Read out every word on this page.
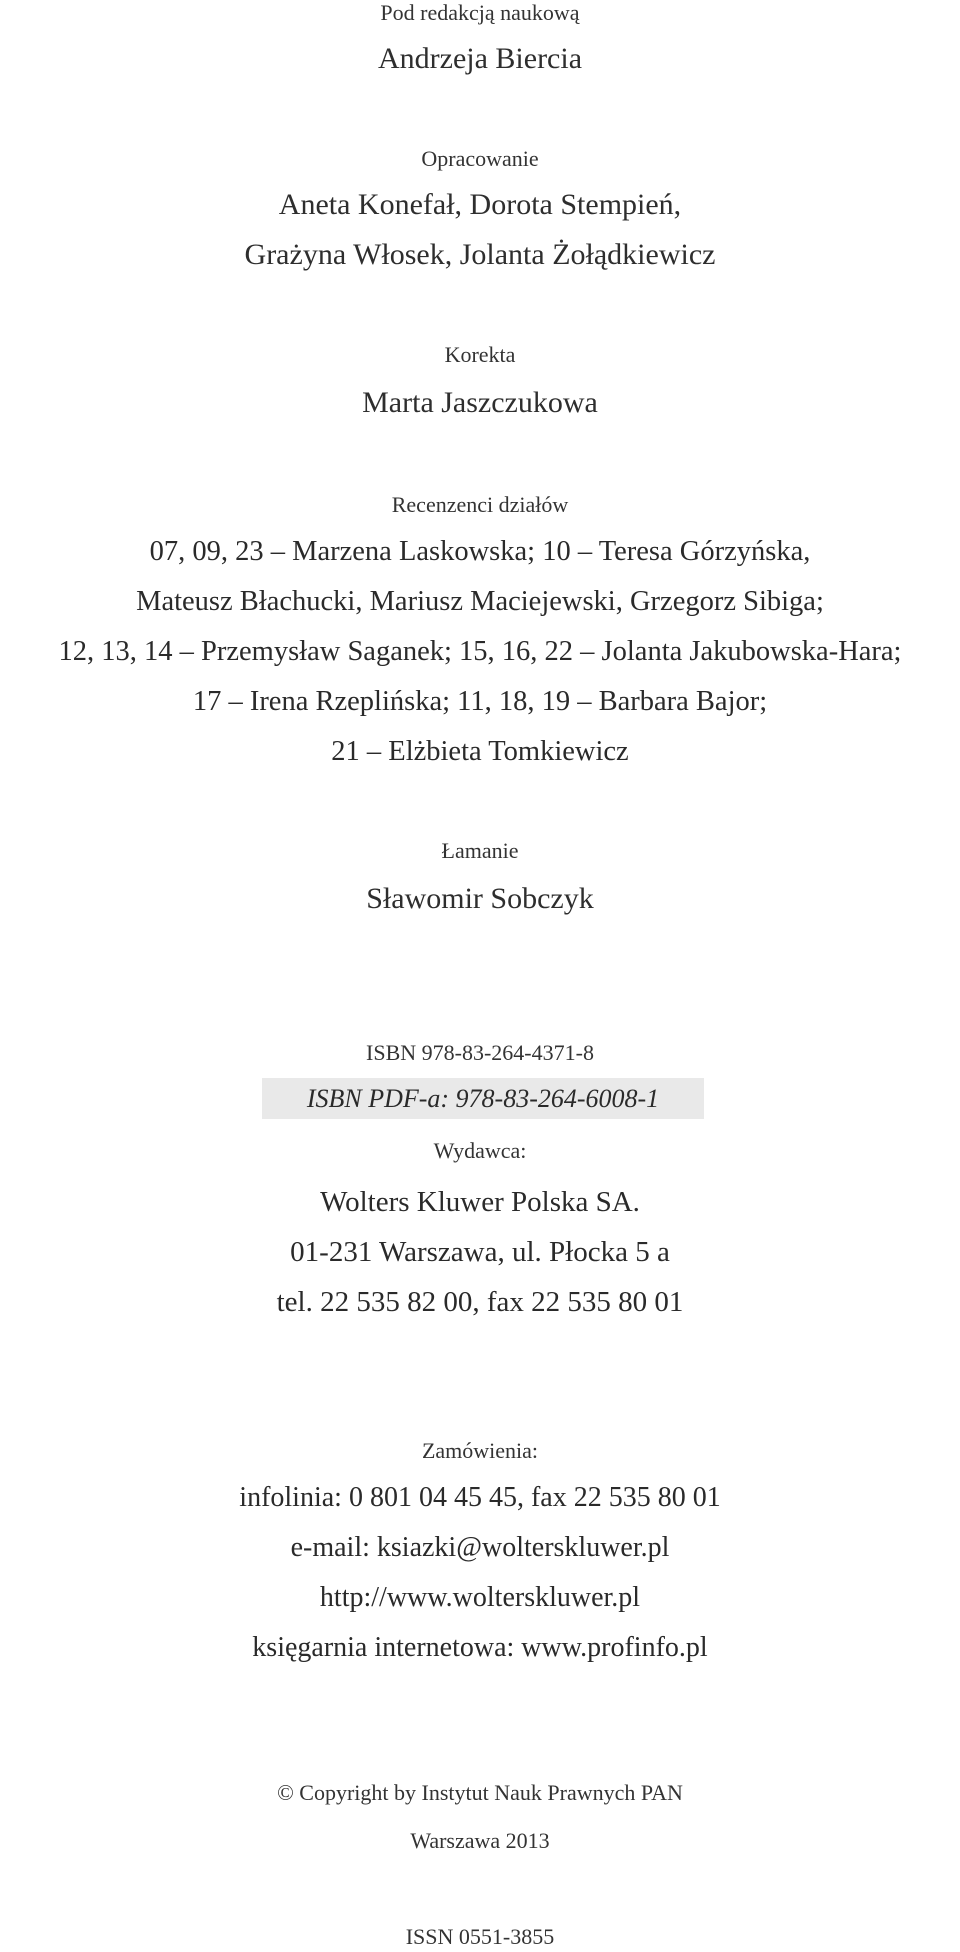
Pod redakcją naukową
Andrzeja Biercia
Opracowanie
Aneta Konefał, Dorota Stempień,
Grażyna Włosek, Jolanta Żołądkiewicz
Korekta
Marta Jaszczukowa
Recenzenci działów
07, 09, 23 – Marzena Laskowska; 10 – Teresa Górzyńska,
Mateusz Błachucki, Mariusz Maciejewski, Grzegorz Sibiga;
12, 13, 14 – Przemysław Saganek; 15, 16, 22 – Jolanta Jakubowska-Hara;
17 – Irena Rzeplińska; 11, 18, 19 – Barbara Bajor;
21 – Elżbieta Tomkiewicz
Łamanie
Sławomir Sobczyk
ISBN 978-83-264-4371-8
ISBN PDF-a: 978-83-264-6008-1
Wydawca:
Wolters Kluwer Polska SA.
01-231 Warszawa, ul. Płocka 5 a
tel. 22 535 82 00, fax 22 535 80 01
Zamówienia:
infolinia: 0 801 04 45 45, fax 22 535 80 01
e-mail: ksiazki@wolterskluwer.pl
http://www.wolterskluwer.pl
księgarnia internetowa: www.profinfo.pl
© Copyright by Instytut Nauk Prawnych PAN
Warszawa 2013
ISSN 0551-3855
